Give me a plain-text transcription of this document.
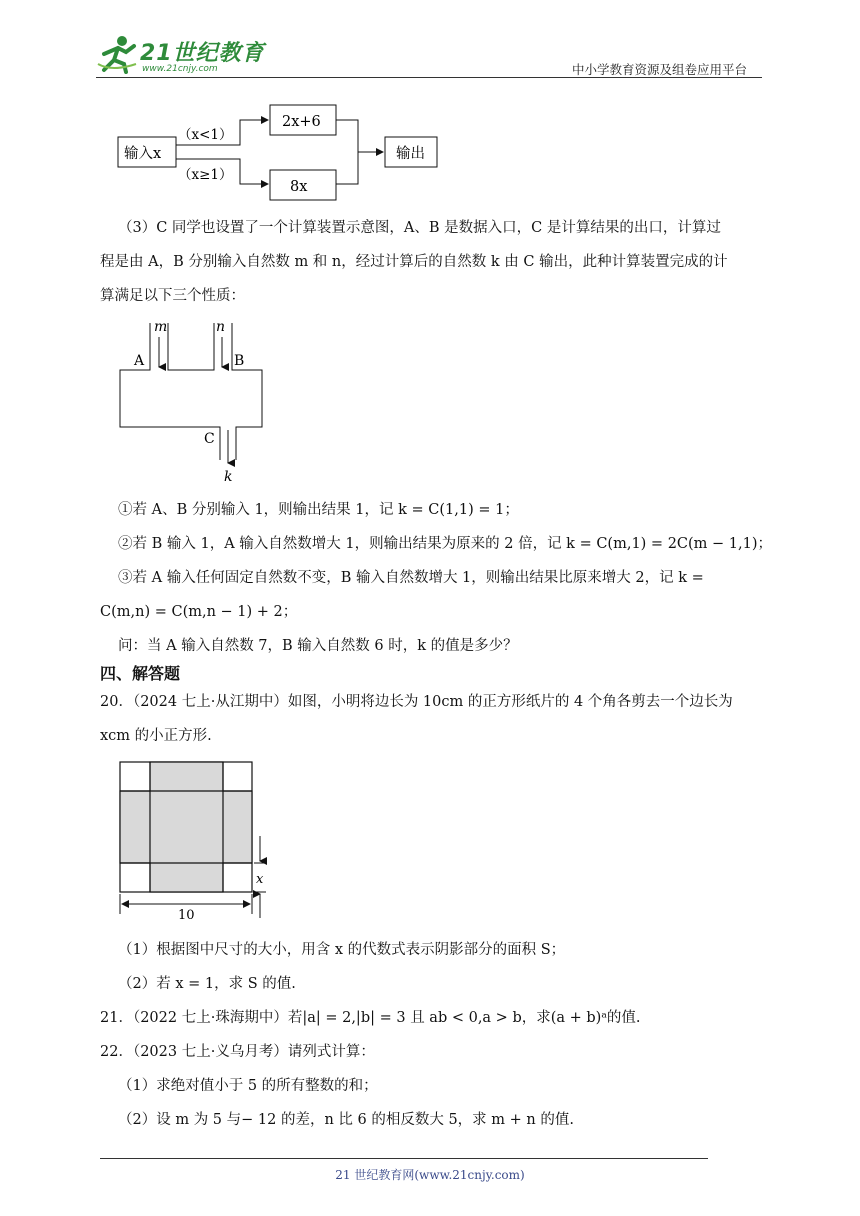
21世纪教育
www.21cnjy.com	中小学教育资源及组卷应用平台
输入x
（x<1）
（x≥1）
2x+6
8x
输出
（3）C 同学也设置了一个计算装置示意图，A、B 是数据入口，C 是计算结果的出口，计算过
程是由 A，B 分别输入自然数 m 和 n，经过计算后的自然数 k 由 C 输出，此种计算装置完成的计
算满足以下三个性质：
m	n
A	B
C
k
①若 A、B 分别输入 1，则输出结果 1，记 k = C(1,1) = 1；
②若 B 输入 1，A 输入自然数增大 1，则输出结果为原来的 2 倍，记 k = C(m,1) = 2C(m − 1,1)；
③若 A 输入任何固定自然数不变，B 输入自然数增大 1，则输出结果比原来增大 2，记 k =
C(m,n) = C(m,n − 1) + 2；
问：当 A 输入自然数 7，B 输入自然数 6 时，k 的值是多少？
四、解答题
20．（2024 七上·从江期中）如图，小明将边长为 10cm 的正方形纸片的 4 个角各剪去一个边长为
xcm 的小正方形.
x
10
（1）根据图中尺寸的大小，用含 x 的代数式表示阴影部分的面积 S；
（2）若 x = 1，求 S 的值.
21．（2022 七上·珠海期中）若|a| = 2,|b| = 3 且 ab < 0,a > b，求(a + b)ᵃ的值.
22．（2023 七上·义乌月考）请列式计算：
（1）求绝对值小于 5 的所有整数的和；
（2）设 m 为 5 与− 12 的差，n 比 6 的相反数大 5，求 m + n 的值.
21 世纪教育网(www.21cnjy.com)
